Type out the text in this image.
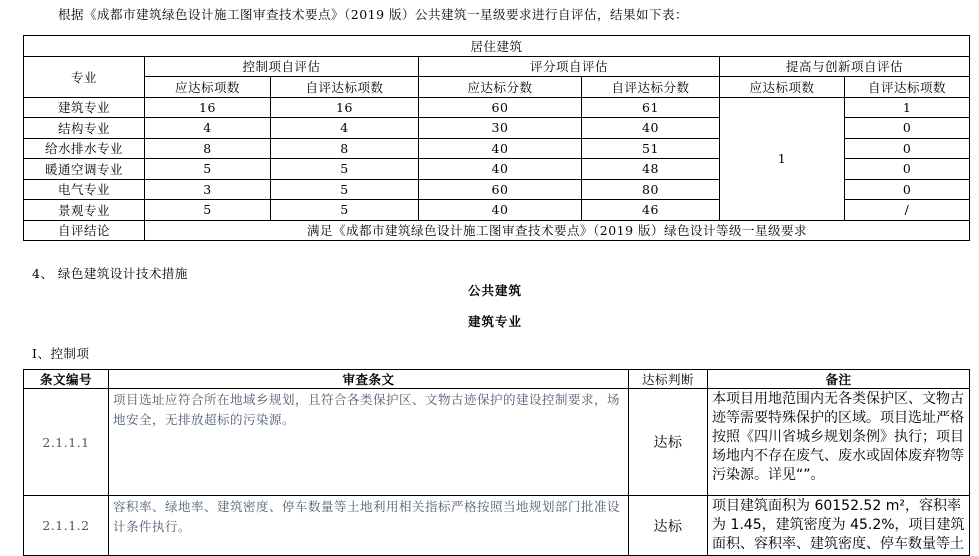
根据《成都市建筑绿色设计施工图审查技术要点》（2019 版）公共建筑一星级要求进行自评估，结果如下表：
居住建筑						
专业	控制项自评估		评分项自评估		提高与创新项自评估	
	应达标项数	自评达标项数	应达标分数	自评达标分数	应达标项数	自评达标项数
建筑专业	16	16	60	61	1	1
结构专业	4	4	30	40		0
给水排水专业	8	8	40	51		0
暖通空调专业	5	5	40	48		0
电气专业	3	5	60	80		0
景观专业	5	5	40	46		/
自评结论	满足《成都市建筑绿色设计施工图审查技术要点》（2019 版）绿色设计等级一星级要求					
4、 绿色建筑设计技术措施
公共建筑
建筑专业
Ⅰ、控制项
条文编号	审查条文	达标判断	备注
2.1.1.1	项目选址应符合所在地域乡规划，且符合各类保护区、文物古迹保护的建设控制要求，场地安全，无排放超标的污染源。	达标	本项目用地范围内无各类保护区、文物古迹等需要特殊保护的区域。项目选址严格按照《四川省城乡规划条例》执行；项目场地内不存在废气、废水或固体废弃物等污染源。详见“”。
2.1.1.2	容积率、绿地率、建筑密度、停车数量等土地利用相关指标严格按照当地规划部门批准设计条件执行。	达标	项目建筑面积为 60152.52 m²，容积率为 1.45，建筑密度为 45.2%，项目建筑面积、容积率、建筑密度、停车数量等土
